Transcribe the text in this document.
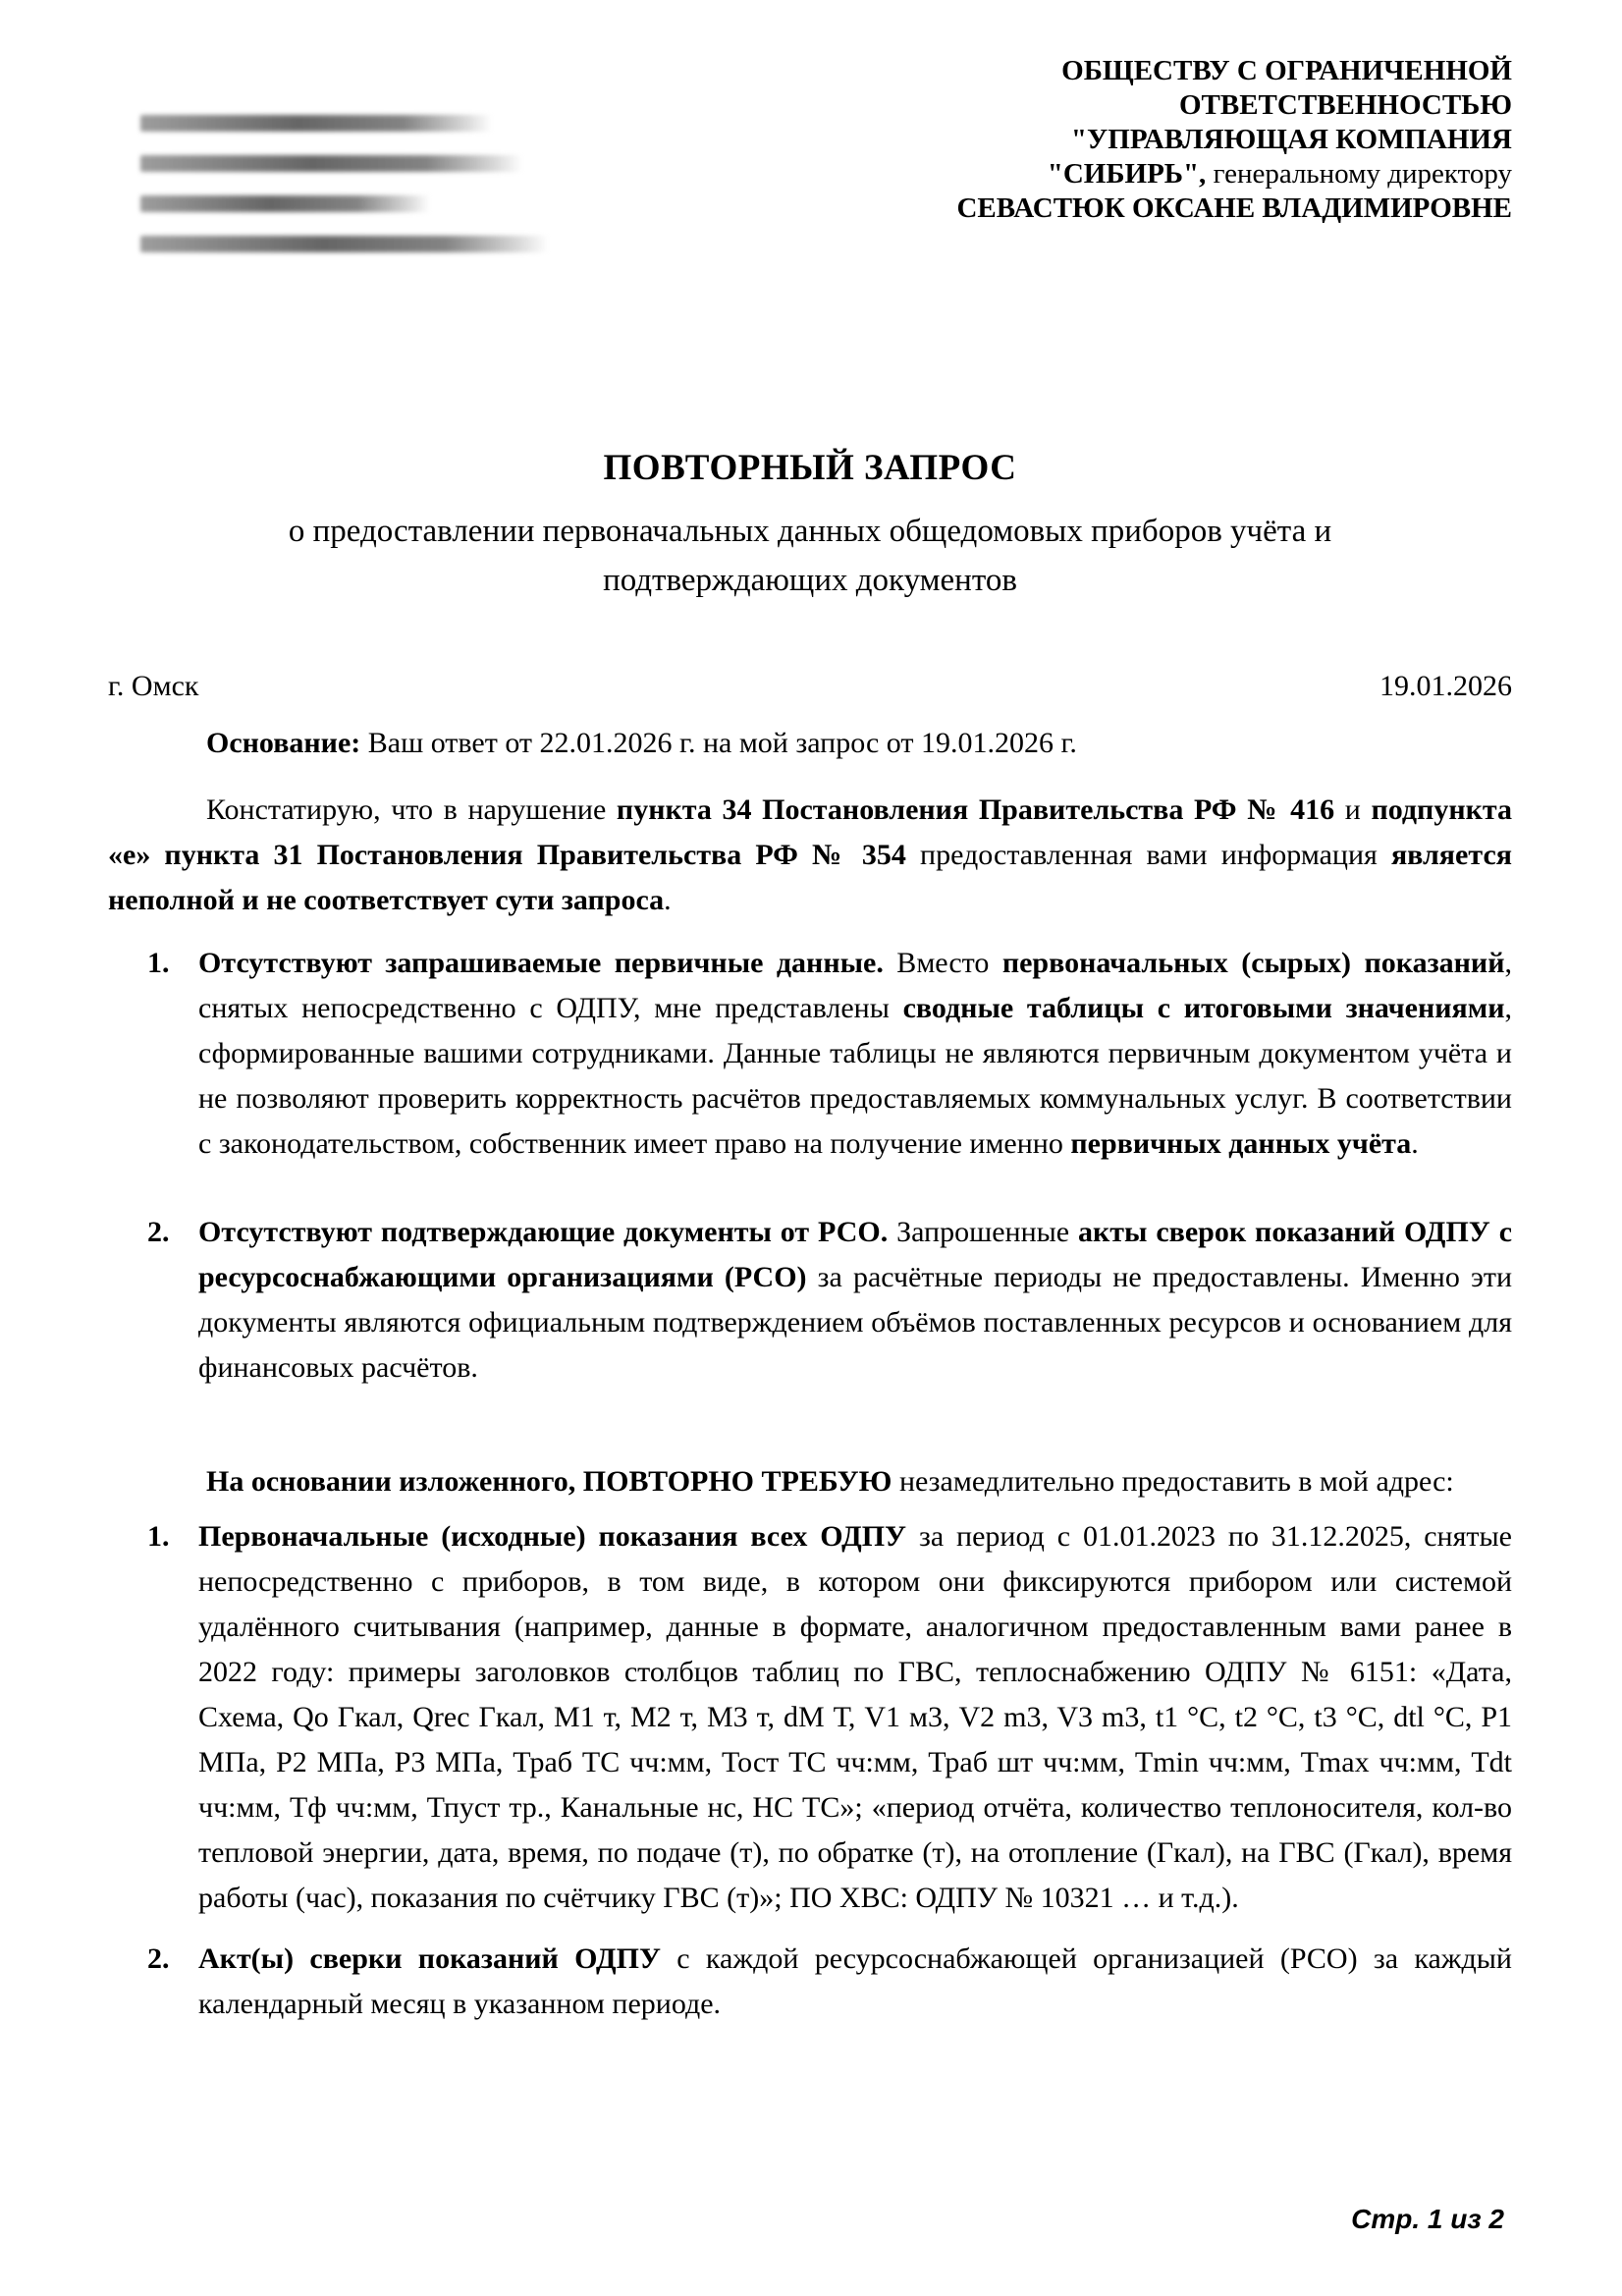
ОБЩЕСТВУ С ОГРАНИЧЕННОЙ
ОТВЕТСТВЕННОСТЬЮ
"УПРАВЛЯЮЩАЯ КОМПАНИЯ
"СИБИРЬ", генеральному директору
СЕВАСТЮК ОКСАНЕ ВЛАДИМИРОВНЕ
ПОВТОРНЫЙ ЗАПРОС
о предоставлении первоначальных данных общедомовых приборов учёта и подтверждающих документов
г. Омск	19.01.2026

Основание: Ваш ответ от 22.01.2026 г. на мой запрос от 19.01.2026 г.

Констатирую, что в нарушение пункта 34 Постановления Правительства РФ № 416 и подпункта «е» пункта 31 Постановления Правительства РФ № 354 предоставленная вами информация является неполной и не соответствует сути запроса.

1. Отсутствуют запрашиваемые первичные данные. Вместо первоначальных (сырых) показаний, снятых непосредственно с ОДПУ, мне представлены сводные таблицы с итоговыми значениями, сформированные вашими сотрудниками. Данные таблицы не являются первичным документом учёта и не позволяют проверить корректность расчётов предоставляемых коммунальных услуг. В соответствии с законодательством, собственник имеет право на получение именно первичных данных учёта.
2. Отсутствуют подтверждающие документы от РСО. Запрошенные акты сверок показаний ОДПУ с ресурсоснабжающими организациями (РСО) за расчётные периоды не предоставлены. Именно эти документы являются официальным подтверждением объёмов поставленных ресурсов и основанием для финансовых расчётов.

На основании изложенного, ПОВТОРНО ТРЕБУЮ незамедлительно предоставить в мой адрес:

1. Первоначальные (исходные) показания всех ОДПУ за период с 01.01.2023 по 31.12.2025, снятые непосредственно с приборов, в том виде, в котором они фиксируются прибором или системой удалённого считывания (например, данные в формате, аналогичном предоставленным вами ранее в 2022 году: примеры заголовков столбцов таблиц по ГВС, теплоснабжению ОДПУ № 6151: «Дата, Схема, Qo Гкал, Qrec Гкал, М1 т, М2 т, М3 т, dM Т, V1 м3, V2 m3, V3 m3, t1 °C, t2 °C, t3 °C, dtl °C, Р1 МПа, Р2 МПа, Р3 МПа, Траб ТС чч:мм, Тост ТС чч:мм, Траб шт чч:мм, Tmin чч:мм, Tmax чч:мм, Tdt чч:мм, Тф чч:мм, Тпуст тр., Канальные нс, НС ТС»; «период отчёта, количество теплоносителя, кол-во тепловой энергии, дата, время, по подаче (т), по обратке (т), на отопление (Гкал), на ГВС (Гкал), время работы (час), показания по счётчику ГВС (т)»; ПО ХВС: ОДПУ № 10321 … и т.д.).
2. Акт(ы) сверки показаний ОДПУ с каждой ресурсоснабжающей организацией (РСО) за каждый календарный месяц в указанном периоде.
Стр. 1 из 2
